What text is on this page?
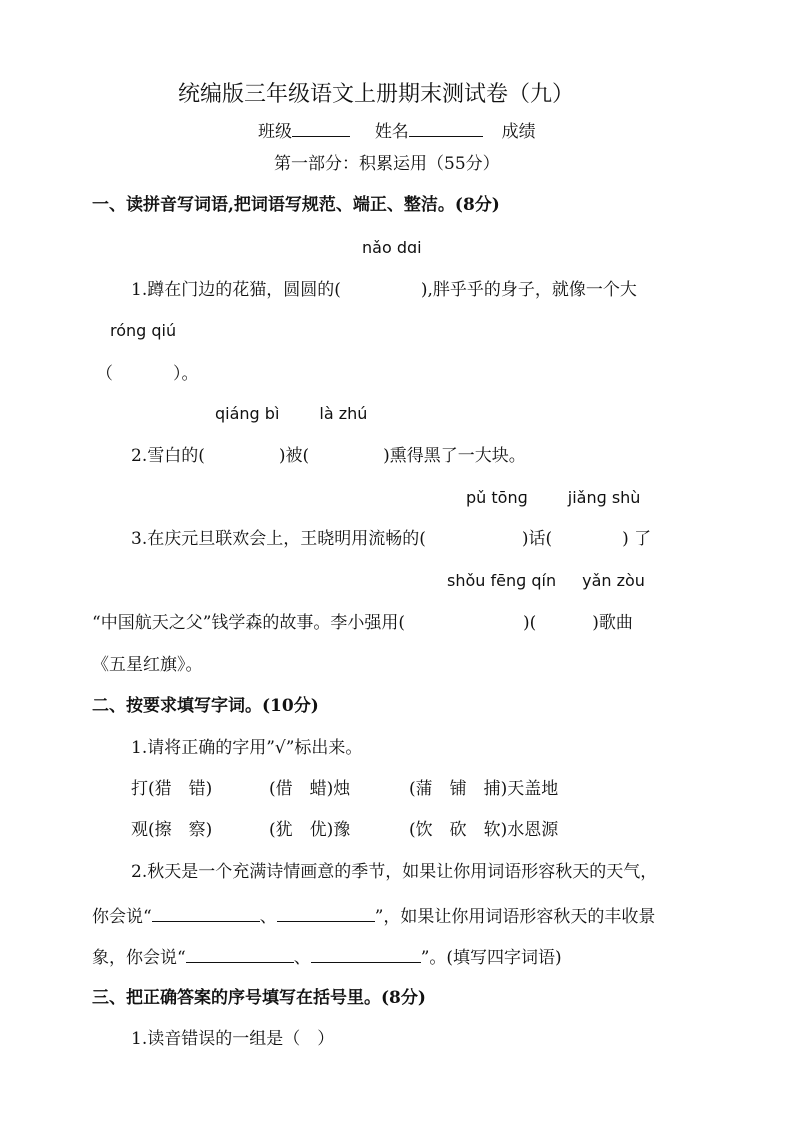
统编版三年级语文上册期末测试卷（九）
班级	姓名	成绩
第一部分：积累运用（55分）
一、读拼音写词语,把词语写规范、端正、整洁。(8分)
nǎo dɑi
1.蹲在门边的花猫，圆圆的(	),胖乎乎的身子，就像一个大
róng qiú
（	）。
qiáng bì	là zhú
2.雪白的(	)被(	)熏得黑了一大块。
pǔ tōnɡ	jiǎnɡ shù
3.在庆元旦联欢会上，王晓明用流畅的(	)话(	) 了
shǒu fēnɡ qín yǎn zòu
“中国航天之父”钱学森的故事。李小强用(	)(	)歌曲
《五星红旗》。
二、按要求填写字词。(10分)
1.请将正确的字用”√”标出来。
打(猎　错)	(借　蜡)烛	(蒲　铺　捕)天盖地
观(擦　察)	(犹　优)豫	(饮　砍　软)水恩源
2.秋天是一个充满诗情画意的季节，如果让你用词语形容秋天的天气，
你会说“	、	”，如果让你用词语形容秋天的丰收景
象，你会说“	、	”。(填写四字词语)
三、把正确答案的序号填写在括号里。(8分)
1.读音错误的一组是（　）
